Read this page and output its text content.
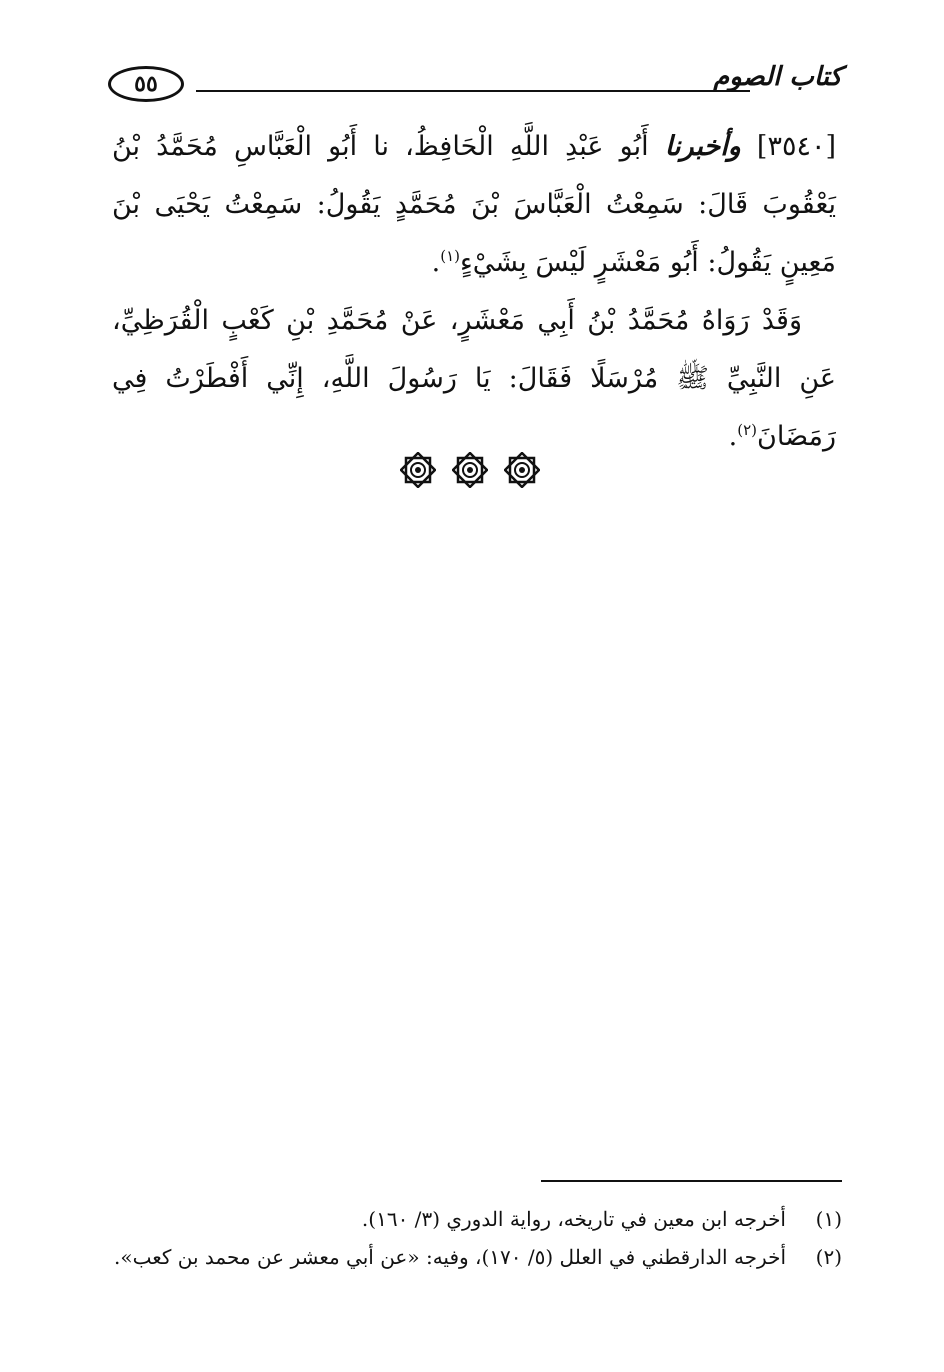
٥٥	كتاب الصوم

[٣٥٤٠] وأخبرنا أَبُو عَبْدِ اللَّهِ الْحَافِظُ، نا أَبُو الْعَبَّاسِ مُحَمَّدُ بْنُ يَعْقُوبَ قَالَ: سَمِعْتُ الْعَبَّاسَ بْنَ مُحَمَّدٍ يَقُولُ: سَمِعْتُ يَحْيَى بْنَ مَعِينٍ يَقُولُ: أَبُو مَعْشَرٍ لَيْسَ بِشَيْءٍ$^{(١)}$.

وَقَدْ رَوَاهُ مُحَمَّدُ بْنُ أَبِي مَعْشَرٍ، عَنْ مُحَمَّدِ بْنِ كَعْبٍ الْقُرَظِيِّ، عَنِ النَّبِيِّ ﷺ مُرْسَلًا فَقَالَ: يَا رَسُولَ اللَّهِ، إِنِّي أَفْطَرْتُ فِي رَمَضَانَ$^{(٢)}$.

(١)أخرجه ابن معين في تاريخه، رواية الدوري (٣/ ١٦٠).

(٢)أخرجه الدارقطني في العلل (٥/ ١٧٠)، وفيه: «عن أبي معشر عن محمد بن كعب».
